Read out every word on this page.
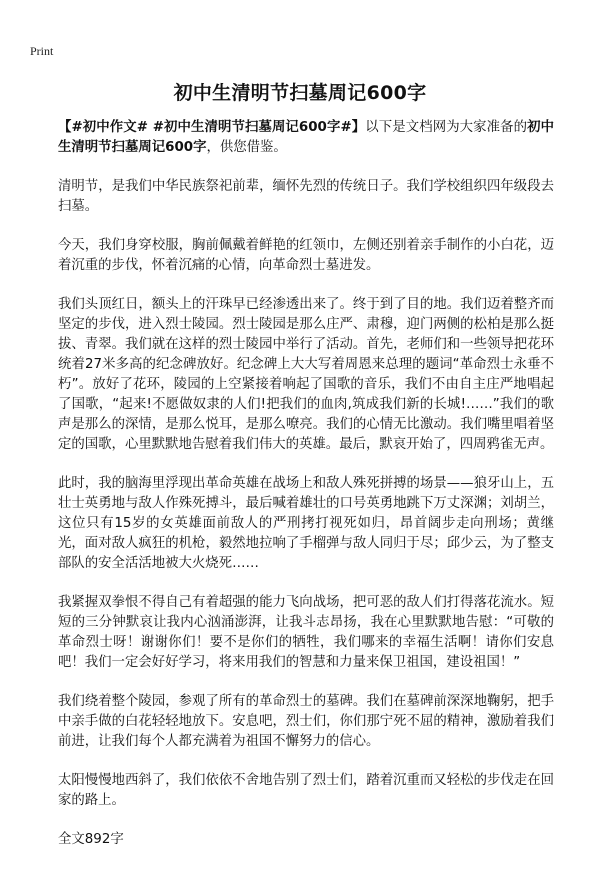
Print
初中生清明节扫墓周记600字

【#初中作文# #初中生清明节扫墓周记600字#】以下是文档网为大家准备的初中生清明节扫墓周记600字，供您借鉴。

清明节，是我们中华民族祭祀前辈，缅怀先烈的传统日子。我们学校组织四年级段去扫墓。

今天，我们身穿校服，胸前佩戴着鲜艳的红领巾，左侧还别着亲手制作的小白花，迈着沉重的步伐，怀着沉痛的心情，向革命烈士墓进发。

我们头顶红日，额头上的汗珠早已经渗透出来了。终于到了目的地。我们迈着整齐而坚定的步伐，进入烈士陵园。烈士陵园是那么庄严、肃穆，迎门两侧的松柏是那么挺拔、青翠。我们就在这样的烈士陵园中举行了活动。首先，老师们和一些领导把花环统着27米多高的纪念碑放好。纪念碑上大大写着周恩来总理的题词“革命烈士永垂不朽”。放好了花环，陵园的上空紧接着响起了国歌的音乐，我们不由自主庄严地唱起了国歌，“起来!不愿做奴隶的人们!把我们的血肉,筑成我们新的长城!……”我们的歌声是那么的深情，是那么悦耳，是那么嘹亮。我们的心情无比激动。我们嘴里唱着坚定的国歌，心里默默地告慰着我们伟大的英雄。最后，默哀开始了，四周鸦雀无声。

此时，我的脑海里浮现出革命英雄在战场上和敌人殊死拼搏的场景——狼牙山上，五壮士英勇地与敌人作殊死搏斗，最后喊着雄壮的口号英勇地跳下万丈深渊；刘胡兰，这位只有15岁的女英雄面前敌人的严刑拷打视死如归，昂首阔步走向刑场；黄继光，面对敌人疯狂的机枪，毅然地拉响了手榴弹与敌人同归于尽；邱少云，为了整支部队的安全活活地被大火烧死……

我紧握双拳恨不得自己有着超强的能力飞向战场，把可恶的敌人们打得落花流水。短短的三分钟默哀让我内心汹涌澎湃，让我斗志昂扬，我在心里默默地告慰：“可敬的革命烈士呀！谢谢你们！要不是你们的牺牲，我们哪来的幸福生活啊！请你们安息吧！我们一定会好好学习，将来用我们的智慧和力量来保卫祖国，建设祖国！”

我们绕着整个陵园，参观了所有的革命烈士的墓碑。我们在墓碑前深深地鞠躬，把手中亲手做的白花轻轻地放下。安息吧，烈士们，你们那宁死不屈的精神，激励着我们前进，让我们每个人都充满着为祖国不懈努力的信心。

太阳慢慢地西斜了，我们依依不舍地告别了烈士们，踏着沉重而又轻松的步伐走在回家的路上。

全文892字
